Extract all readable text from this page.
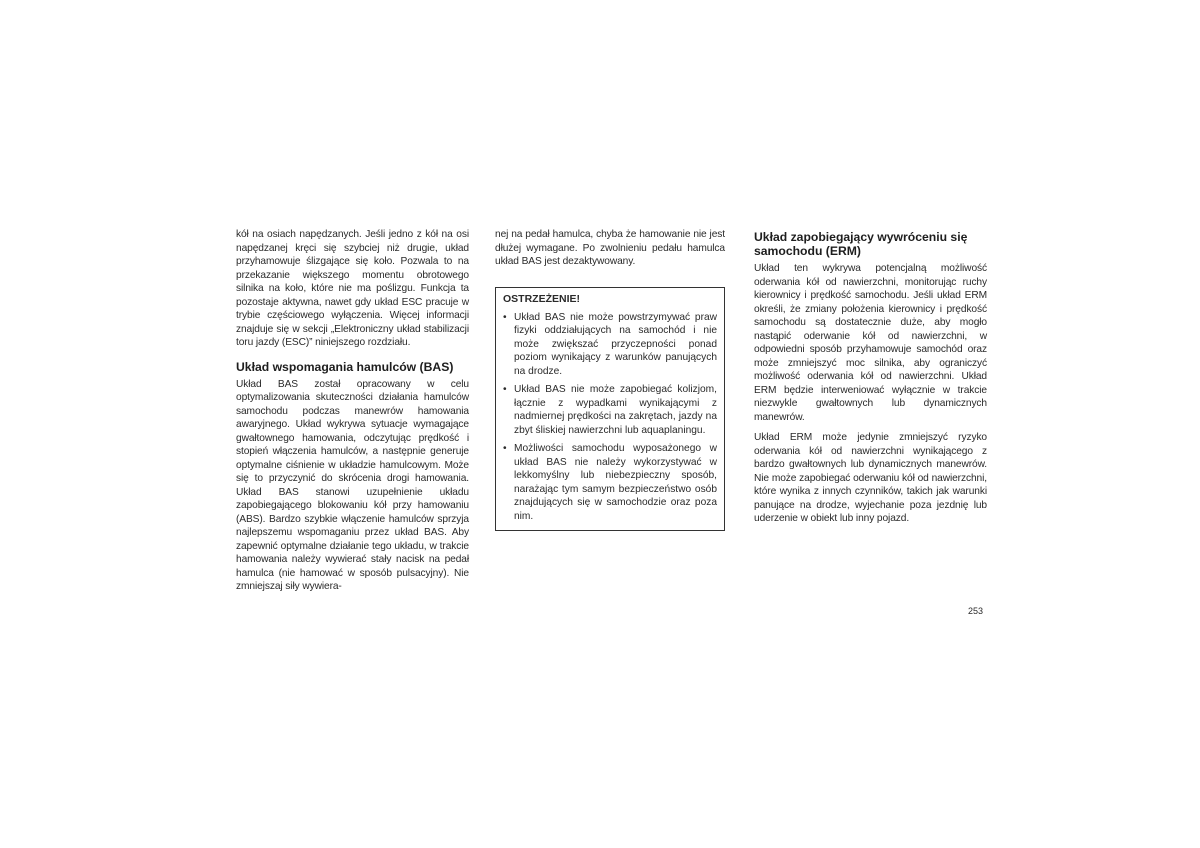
kół na osiach napędzanych. Jeśli jedno z kół na osi napędzanej kręci się szybciej niż drugie, układ przyhamowuje ślizgające się koło. Pozwala to na przekazanie większego momentu obrotowego silnika na koło, które nie ma poślizgu. Funkcja ta pozostaje aktywna, nawet gdy układ ESC pracuje w trybie częściowego wyłączenia. Więcej informacji znajduje się w sekcji „Elektroniczny układ stabilizacji toru jazdy (ESC)” niniejszego rozdziału.

Układ wspomagania hamulców (BAS)

Układ BAS został opracowany w celu optymalizowania skuteczności działania hamulców samochodu podczas manewrów hamowania awaryjnego. Układ wykrywa sytuacje wymagające gwałtownego hamowania, odczytując prędkość i stopień włączenia hamulców, a następnie generuje optymalne ciśnienie w układzie hamulcowym. Może się to przyczynić do skrócenia drogi hamowania. Układ BAS stanowi uzupełnienie układu zapobiegającego blokowaniu kół przy hamowaniu (ABS). Bardzo szybkie włączenie hamulców sprzyja najlepszemu wspomaganiu przez układ BAS. Aby zapewnić optymalne działanie tego układu, w trakcie hamowania należy wywierać stały nacisk na pedał hamulca (nie hamować w sposób pulsacyjny). Nie zmniejszaj siły wywiera-

nej na pedał hamulca, chyba że hamowanie nie jest dłużej wymagane. Po zwolnieniu pedału hamulca układ BAS jest dezaktywowany.

OSTRZEŻENIE!
• Układ BAS nie może powstrzymywać praw fizyki oddziałujących na samochód i nie może zwiększać przyczepności ponad poziom wynikający z warunków panujących na drodze.
• Układ BAS nie może zapobiegać kolizjom, łącznie z wypadkami wynikającymi z nadmiernej prędkości na zakrętach, jazdy na zbyt śliskiej nawierzchni lub aquaplaningu.
• Możliwości samochodu wyposażonego w układ BAS nie należy wykorzystywać w lekkomyślny lub niebezpieczny sposób, narażając tym samym bezpieczeństwo osób znajdujących się w samochodzie oraz poza nim.
Układ zapobiegający wywróceniu się samochodu (ERM)

Układ ten wykrywa potencjalną możliwość oderwania kół od nawierzchni, monitorując ruchy kierownicy i prędkość samochodu. Jeśli układ ERM określi, że zmiany położenia kierownicy i prędkość samochodu są dostatecznie duże, aby mogło nastąpić oderwanie kół od nawierzchni, w odpowiedni sposób przyhamowuje samochód oraz może zmniejszyć moc silnika, aby ograniczyć możliwość oderwania kół od nawierzchni. Układ ERM będzie interweniować wyłącznie w trakcie niezwykle gwałtownych lub dynamicznych manewrów.

Układ ERM może jedynie zmniejszyć ryzyko oderwania kół od nawierzchni wynikającego z bardzo gwałtownych lub dynamicznych manewrów. Nie może zapobiegać oderwaniu kół od nawierzchni, które wynika z innych czynników, takich jak warunki panujące na drodze, wyjechanie poza jezdnię lub uderzenie w obiekt lub inny pojazd.

253
